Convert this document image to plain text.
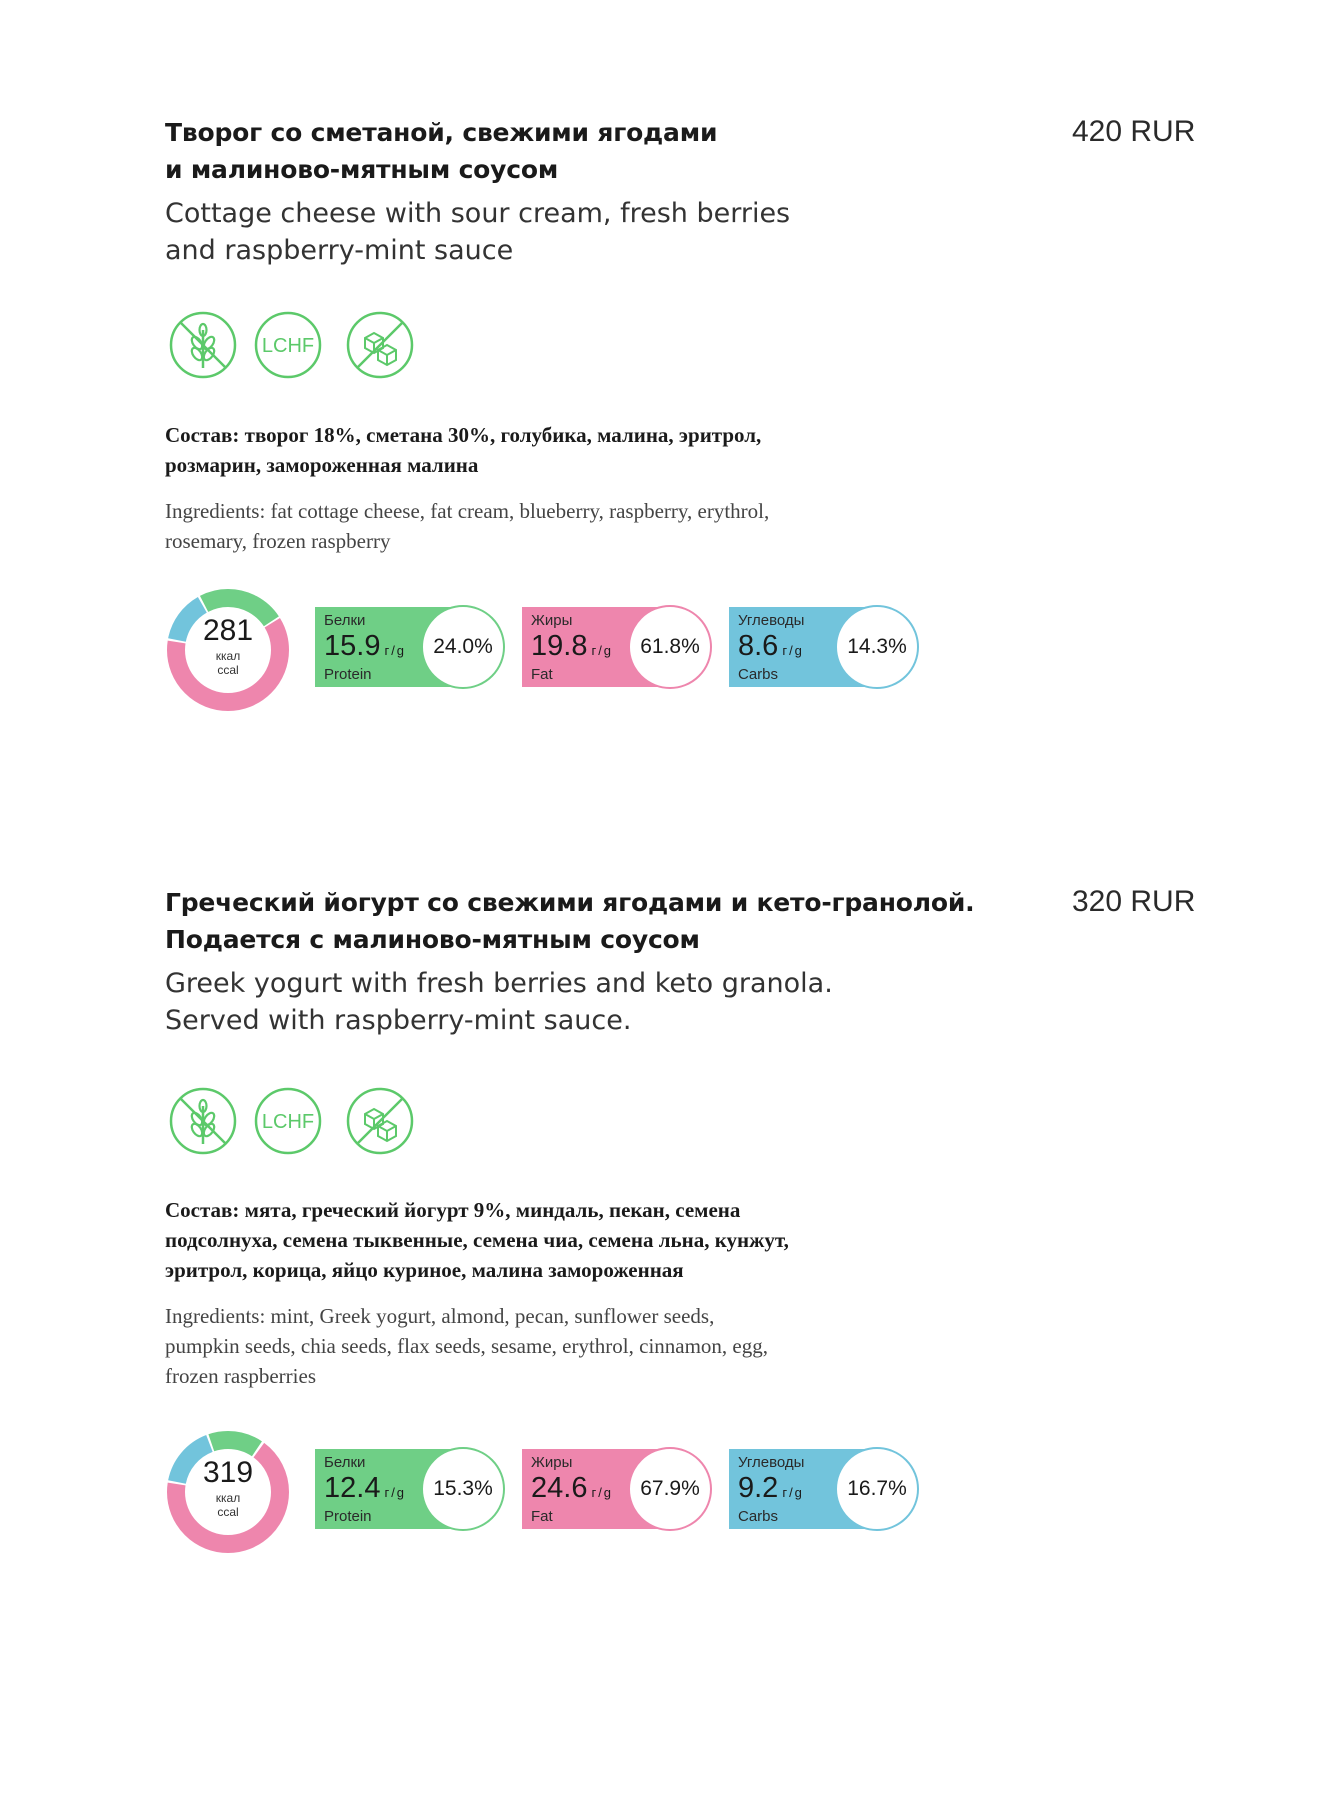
Творог со сметаной, свежими ягодами
и малиново-мятным соусом
420 RUR
Cottage cheese with sour cream, fresh berries
and raspberry-mint sauce
LCHF
Состав: творог 18%, сметана 30%, голубика, малина, эритрол,
розмарин, замороженная малина
Ingredients: fat cottage cheese, fat cream, blueberry, raspberry, erythrol,
rosemary, frozen raspberry
281
ккал
ccal
Белки
15.9 г/g
Protein
24.0%
Жиры
19.8 г/g
Fat
61.8%
Углеводы
8.6 г/g
Carbs
14.3%
Греческий йогурт со свежими ягодами и кето-гранолой.
Подается с малиново-мятным соусом
320 RUR
Greek yogurt with fresh berries and keto granola.
Served with raspberry-mint sauce.
LCHF
Состав: мята, греческий йогурт 9%, миндаль, пекан, семена
подсолнуха, семена тыквенные, семена чиа, семена льна, кунжут,
эритрол, корица, яйцо куриное, малина замороженная
Ingredients: mint, Greek yogurt, almond, pecan, sunflower seeds,
pumpkin seeds, chia seeds, flax seeds, sesame, erythrol, cinnamon, egg,
frozen raspberries
319
ккал
ccal
Белки
12.4 г/g
Protein
15.3%
Жиры
24.6 г/g
Fat
67.9%
Углеводы
9.2 г/g
Carbs
16.7%
